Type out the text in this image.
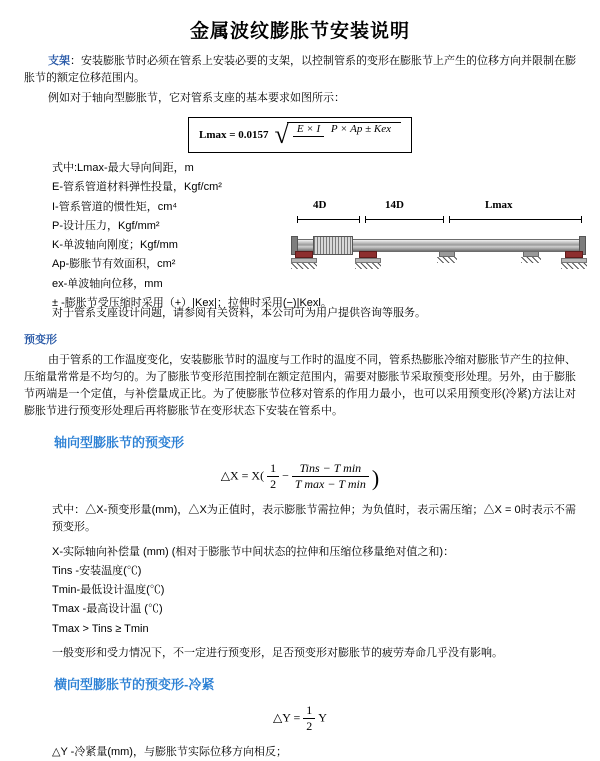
金属波纹膨胀节安装说明

支架：安装膨胀节时必须在管系上安装必要的支架，以控制管系的变形在膨胀节上产生的位移方向并限制在膨胀节的额定位移范围内。

例如对于轴向型膨胀节，它对管系支座的基本要求如图所示：

Lmax = 0.0157 √ E × I P × Ap ± Kex
式中:Lmax-最大导向间距，m
E-管系管道材料弹性投量，Kgf/cm²
I-管系管道的惯性矩，cm⁴
P-设计压力，Kgf/mm²
K-单波轴向刚度；Kgf/mm
Ap-膨胀节有效面积，cm²
ex-单波轴向位移，mm
± -膨胀节受压缩时采用（+）|Kex|；拉伸时采用(−)|Kexl。
4D	14D	Lmax

对于管系支座设计问题，请参阅有关资料，本公司可为用户提供咨询等服务。

预变形

由于管系的工作温度变化，安装膨胀节时的温度与工作时的温度不同，管系热膨胀冷缩对膨胀节产生的拉伸、压缩量常常是不均匀的。为了膨胀节变形范围控制在额定范围内，需要对膨胀节采取预变形处理。另外，由于膨胀节两端是一个定值，与补偿量成正比。为了使膨胀节位移对管系的作用力最小，也可以采用预变形(冷紧)方法让对膨胀节进行预变形处理后再将膨胀节在变形状态下安装在管系中。

轴向型膨胀节的预变形
△X = $X( \frac{1}{2} - \frac{\text{Tins − T min}}{\text{T max − T min}}$ )

式中：△X-预变形量(mm)，△X为正值时，表示膨胀节需拉伸；为负值时，表示需压缩；△X = 0时表示不需预变形。

X-实际轴向补偿量 (mm) (相对于膨胀节中间状态的拉伸和压缩位移量绝对值之和)：
Tins -安装温度(℃)
Tmin-最低设计温度(℃)
Tmax -最高设计温 (℃)
Tmax > Tins ≥ Tmin

一般变形和受力情况下，不一定进行预变形，足否预变形对膨胀节的疲劳寿命几乎没有影响。

横向型膨胀节的预变形-冷紧
△Y = $\frac{1}{2}$ Y

△Y -冷紧量(mm)，与膨胀节实际位移方向相反；
